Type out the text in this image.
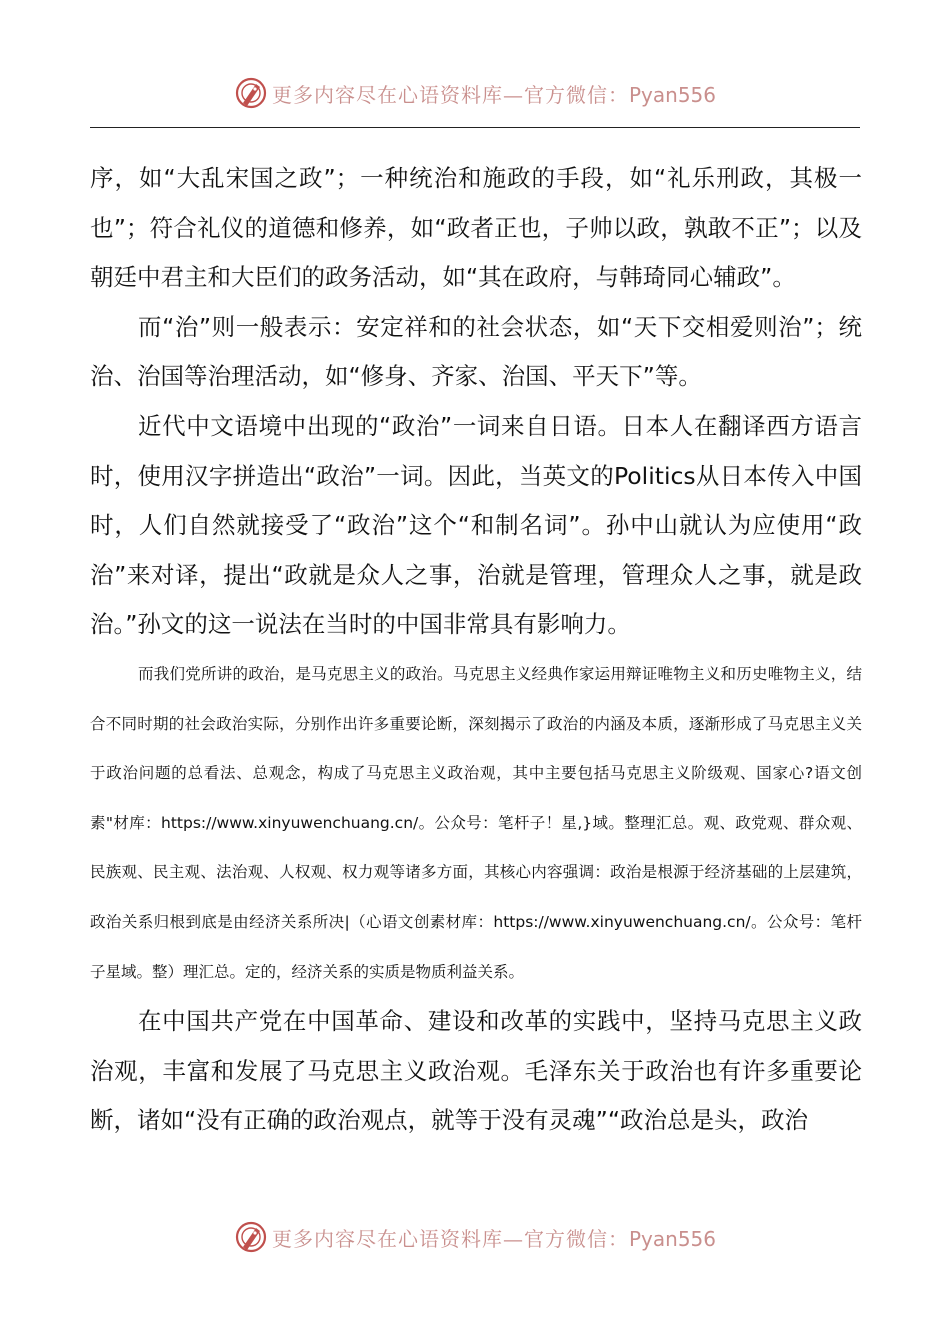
更多内容尽在心语资料库—官方微信：Pyan556

序，如“大乱宋国之政”；一种统治和施政的手段，如“礼乐刑政，其极一也”；符合礼仪的道德和修养，如“政者正也，子帅以政，孰敢不正”；以及朝廷中君主和大臣们的政务活动，如“其在政府，与韩琦同心辅政”。

而“治”则一般表示：安定祥和的社会状态，如“天下交相爱则治”；统治、治国等治理活动，如“修身、齐家、治国、平天下”等。

近代中文语境中出现的“政治”一词来自日语。日本人在翻译西方语言时，使用汉字拼造出“政治”一词。因此，当英文的Politics从日本传入中国时，人们自然就接受了“政治”这个“和制名词”。孙中山就认为应使用“政治”来对译，提出“政就是众人之事，治就是管理，管理众人之事，就是政治。”孙文的这一说法在当时的中国非常具有影响力。

而我们党所讲的政治，是马克思主义的政治。马克思主义经典作家运用辩证唯物主义和历史唯物主义，结合不同时期的社会政治实际，分别作出许多重要论断，深刻揭示了政治的内涵及本质，逐渐形成了马克思主义关于政治问题的总看法、总观念，构成了马克思主义政治观，其中主要包括马克思主义阶级观、国家心?语文创素"材库：https://www.xinyuwenchuang.cn/。公众号：笔杆子！星,}域。整理汇总。观、政党观、群众观、民族观、民主观、法治观、人权观、权力观等诸多方面，其核心内容强调：政治是根源于经济基础的上层建筑，政治关系归根到底是由经济关系所决|（心语文创素材库：https://www.xinyuwenchuang.cn/。公众号：笔杆子星域。整）理汇总。定的，经济关系的实质是物质利益关系。

在中国共产党在中国革命、建设和改革的实践中，坚持马克思主义政治观，丰富和发展了马克思主义政治观。毛泽东关于政治也有许多重要论断，诸如“没有正确的政治观点，就等于没有灵魂”“政治总是头，政治

更多内容尽在心语资料库—官方微信：Pyan556
